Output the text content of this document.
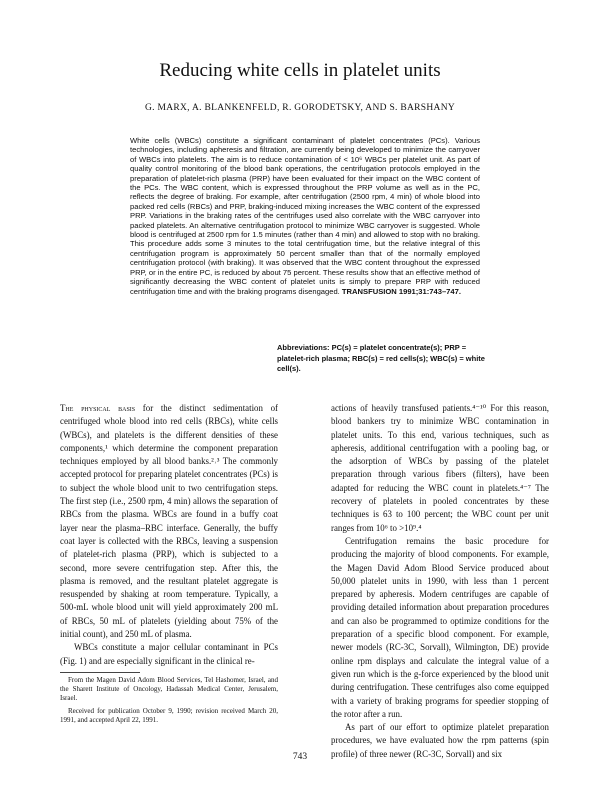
Reducing white cells in platelet units

G. MARX, A. BLANKENFELD, R. GORODETSKY, AND S. BARSHANY

White cells (WBCs) constitute a significant contaminant of platelet concentrates (PCs). Various technologies, including apheresis and filtration, are currently being developed to minimize the carryover of WBCs into platelets. The aim is to reduce contamination of < 10⁶ WBCs per platelet unit. As part of quality control monitoring of the blood bank operations, the centrifugation protocols employed in the preparation of platelet-rich plasma (PRP) have been evaluated for their impact on the WBC content of the PCs. The WBC content, which is expressed throughout the PRP volume as well as in the PC, reflects the degree of braking. For example, after centrifugation (2500 rpm, 4 min) of whole blood into packed red cells (RBCs) and PRP, braking-induced mixing increases the WBC content of the expressed PRP. Variations in the braking rates of the centrifuges used also correlate with the WBC carryover into packed platelets. An alternative centrifugation protocol to minimize WBC carryover is suggested. Whole blood is centrifuged at 2500 rpm for 1.5 minutes (rather than 4 min) and allowed to stop with no braking. This procedure adds some 3 minutes to the total centrifugation time, but the relative integral of this centrifugation program is approximately 50 percent smaller than that of the normally employed centrifugation protocol (with braking). It was observed that the WBC content throughout the expressed PRP, or in the entire PC, is reduced by about 75 percent. These results show that an effective method of significantly decreasing the WBC content of platelet units is simply to prepare PRP with reduced centrifugation time and with the braking programs disengaged. TRANSFUSION 1991;31:743–747.

Abbreviations: PC(s) = platelet concentrate(s); PRP = platelet-rich plasma; RBC(s) = red cells(s); WBC(s) = white cell(s).

The physical basis for the distinct sedimentation of centrifuged whole blood into red cells (RBCs), white cells (WBCs), and platelets is the different densities of these components,¹ which determine the component preparation techniques employed by all blood banks.²˒³ The commonly accepted protocol for preparing platelet concentrates (PCs) is to subject the whole blood unit to two centrifugation steps. The first step (i.e., 2500 rpm, 4 min) allows the separation of RBCs from the plasma. WBCs are found in a buffy coat layer near the plasma–RBC interface. Generally, the buffy coat layer is collected with the RBCs, leaving a suspension of platelet-rich plasma (PRP), which is subjected to a second, more severe centrifugation step. After this, the plasma is removed, and the resultant platelet aggregate is resuspended by shaking at room temperature. Typically, a 500-mL whole blood unit will yield approximately 200 mL of RBCs, 50 mL of platelets (yielding about 75% of the initial count), and 250 mL of plasma.

WBCs constitute a major cellular contaminant in PCs (Fig. 1) and are especially significant in the clinical re-

actions of heavily transfused patients.⁴⁻¹⁰ For this reason, blood bankers try to minimize WBC contamination in platelet units. To this end, various techniques, such as apheresis, additional centrifugation with a pooling bag, or the adsorption of WBCs by passing of the platelet preparation through various fibers (filters), have been adapted for reducing the WBC count in platelets.⁴⁻⁷ The recovery of platelets in pooled concentrates by these techniques is 63 to 100 percent; the WBC count per unit ranges from 10⁶ to >10⁹.⁴

Centrifugation remains the basic procedure for producing the majority of blood components. For example, the Magen David Adom Blood Service produced about 50,000 platelet units in 1990, with less than 1 percent prepared by apheresis. Modern centrifuges are capable of providing detailed information about preparation procedures and can also be programmed to optimize conditions for the preparation of a specific blood component. For example, newer models (RC-3C, Sorvall), Wilmington, DE) provide online rpm displays and calculate the integral value of a given run which is the g-force experienced by the blood unit during centrifugation. These centrifuges also come equipped with a variety of braking programs for speedier stopping of the rotor after a run.

As part of our effort to optimize platelet preparation procedures, we have evaluated how the rpm patterns (spin profile) of three newer (RC-3C, Sorvall) and six

From the Magen David Adom Blood Services, Tel Hashomer, Israel, and the Sharett Institute of Oncology, Hadassah Medical Center, Jerusalem, Israel.

Received for publication October 9, 1990; revision received March 20, 1991, and accepted April 22, 1991.

743
